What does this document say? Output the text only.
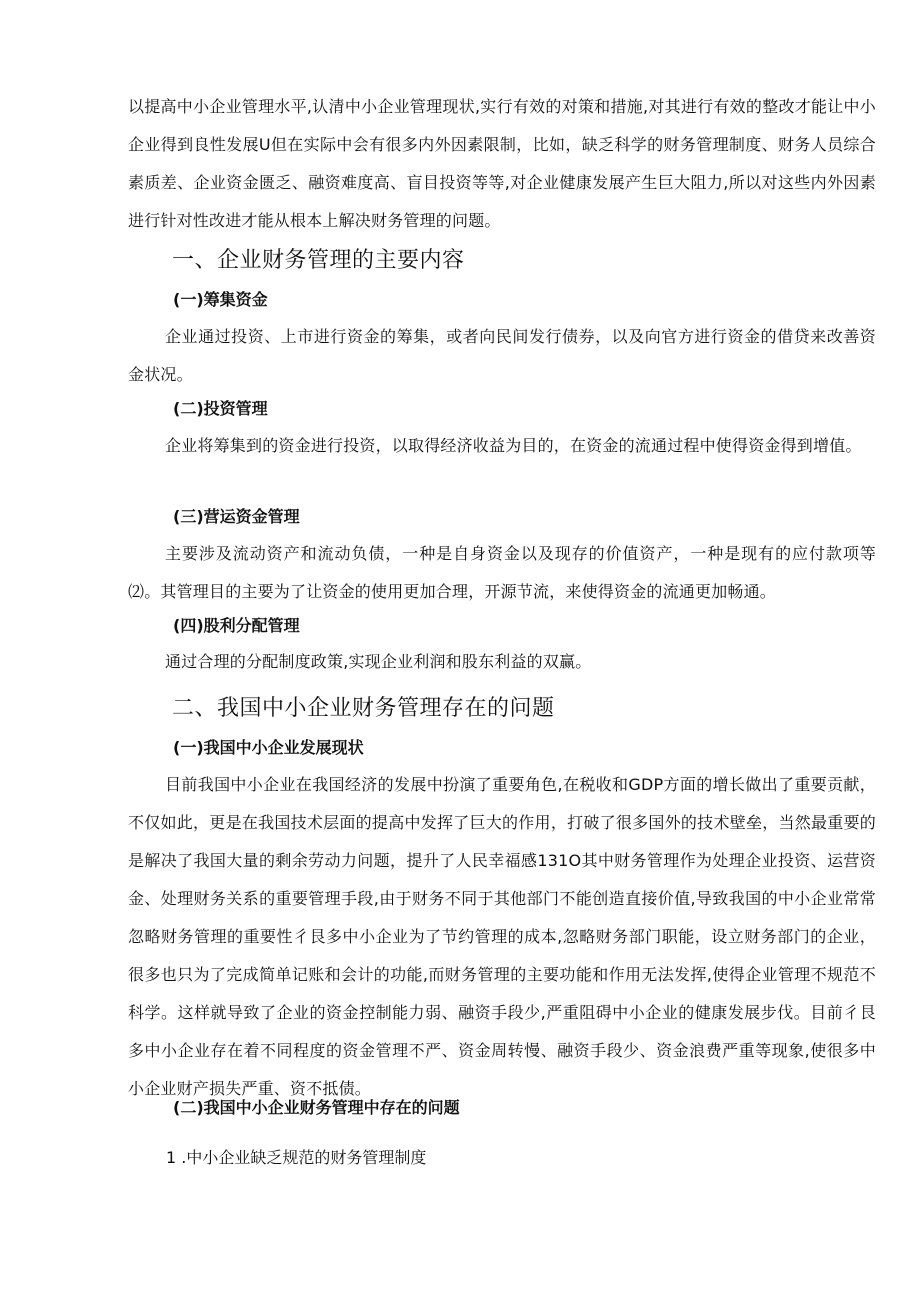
以提高中小企业管理水平,认清中小企业管理现状,实行有效的对策和措施,对其进行有效的整改才能让中小企业得到良性发展U但在实际中会有很多内外因素限制，比如，缺乏科学的财务管理制度、财务人员综合素质差、企业资金匮乏、融资难度高、盲目投资等等,对企业健康发展产生巨大阻力,所以对这些内外因素进行针对性改进才能从根本上解决财务管理的问题。

一、企业财务管理的主要内容
(一)筹集资金

企业通过投资、上市进行资金的筹集，或者向民间发行债券，以及向官方进行资金的借贷来改善资金状况。

(二)投资管理

企业将筹集到的资金进行投资，以取得经济收益为目的，在资金的流通过程中使得资金得到增值。

(三)营运资金管理

主要涉及流动资产和流动负债，一种是自身资金以及现存的价值资产，一种是现有的应付款项等⑵。其管理目的主要为了让资金的使用更加合理，开源节流，来使得资金的流通更加畅通。

(四)股利分配管理

通过合理的分配制度政策,实现企业利润和股东利益的双赢。

二、我国中小企业财务管理存在的问题
(一)我国中小企业发展现状

目前我国中小企业在我国经济的发展中扮演了重要角色,在税收和GDP方面的增长做出了重要贡献，不仅如此，更是在我国技术层面的提高中发挥了巨大的作用，打破了很多国外的技术壁垒，当然最重要的是解决了我国大量的剩余劳动力问题，提升了人民幸福感131O其中财务管理作为处理企业投资、运营资金、处理财务关系的重要管理手段,由于财务不同于其他部门不能创造直接价值,导致我国的中小企业常常忽略财务管理的重要性彳艮多中小企业为了节约管理的成本,忽略财务部门职能，设立财务部门的企业，很多也只为了完成简单记账和会计的功能,而财务管理的主要功能和作用无法发挥,使得企业管理不规范不科学。这样就导致了企业的资金控制能力弱、融资手段少,严重阻碍中小企业的健康发展步伐。目前彳艮多中小企业存在着不同程度的资金管理不严、资金周转慢、融资手段少、资金浪费严重等现象,使很多中小企业财产损失严重、资不抵债。

(二)我国中小企业财务管理中存在的问题

1 .中小企业缺乏规范的财务管理制度
